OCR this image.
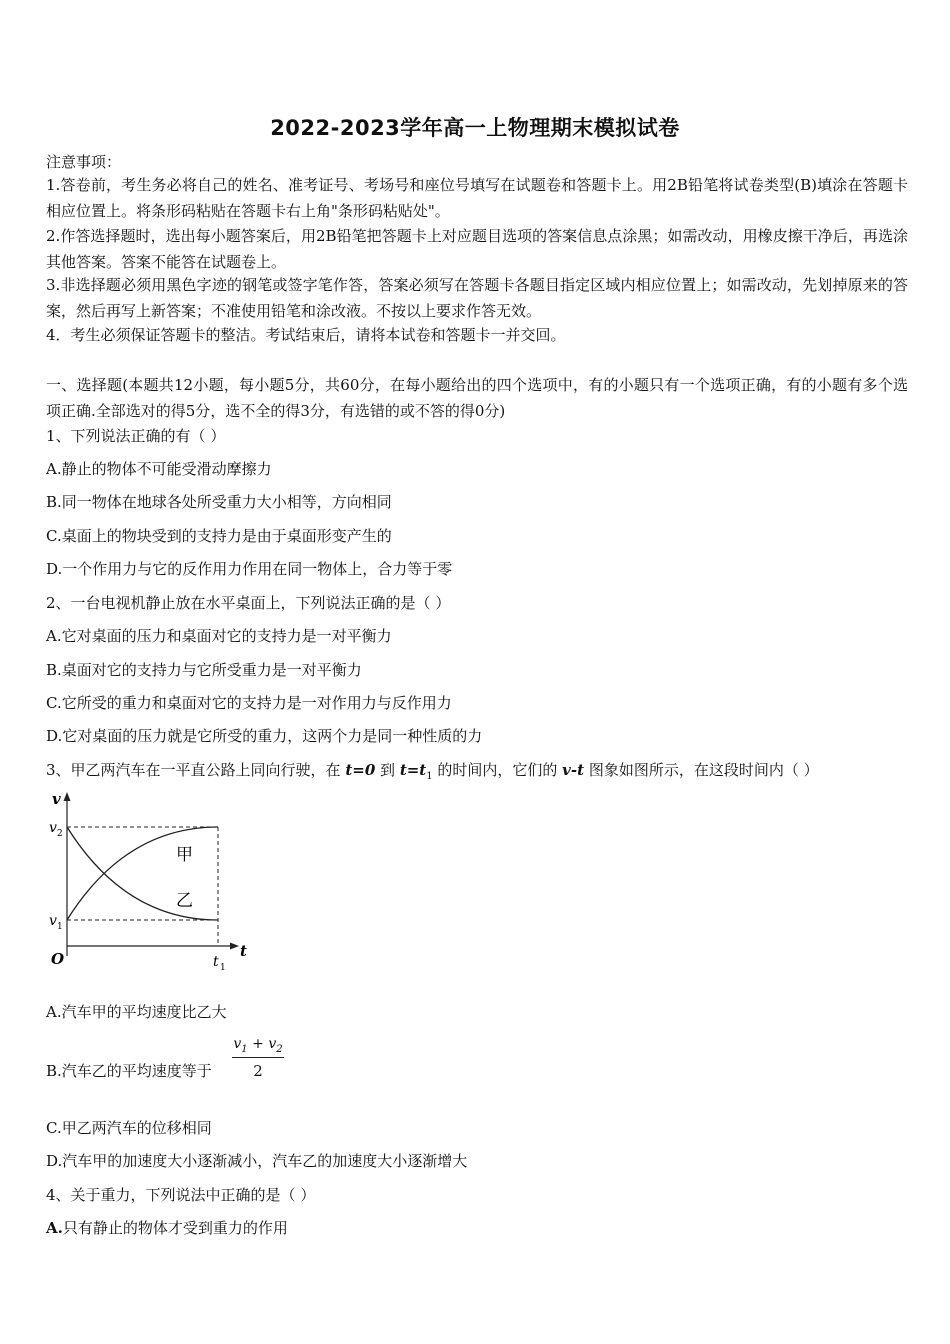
2022-2023学年高一上物理期末模拟试卷
注意事项：
1.答卷前，考生务必将自己的姓名、准考证号、考场号和座位号填写在试题卷和答题卡上。用2B铅笔将试卷类型(B)填涂在答题卡相应位置上。将条形码粘贴在答题卡右上角"条形码粘贴处"。
2.作答选择题时，选出每小题答案后，用2B铅笔把答题卡上对应题目选项的答案信息点涂黑；如需改动，用橡皮擦干净后，再选涂其他答案。答案不能答在试题卷上。
3.非选择题必须用黑色字迹的钢笔或签字笔作答，答案必须写在答题卡各题目指定区域内相应位置上；如需改动，先划掉原来的答案，然后再写上新答案；不准使用铅笔和涂改液。不按以上要求作答无效。
4．考生必须保证答题卡的整洁。考试结束后，请将本试卷和答题卡一并交回。
一、选择题(本题共12小题，每小题5分，共60分，在每小题给出的四个选项中，有的小题只有一个选项正确，有的小题有多个选项正确.全部选对的得5分，选不全的得3分，有选错的或不答的得0分)
1、下列说法正确的有（ ）
A.静止的物体不可能受滑动摩擦力
B.同一物体在地球各处所受重力大小相等，方向相同
C.桌面上的物块受到的支持力是由于桌面形变产生的
D.一个作用力与它的反作用力作用在同一物体上，合力等于零
2、一台电视机静止放在水平桌面上，下列说法正确的是（ ）
A.它对桌面的压力和桌面对它的支持力是一对平衡力
B.桌面对它的支持力与它所受重力是一对平衡力
C.它所受的重力和桌面对它的支持力是一对作用力与反作用力
D.它对桌面的压力就是它所受的重力，这两个力是同一种性质的力
3、甲乙两汽车在一平直公路上同向行驶，在 t=0 到 $t=t_1$ 的时间内，它们的 v-t 图象如图所示，在这段时间内（ ）
v
v 2
v 1
O	t 1
t
甲
乙
A.汽车甲的平均速度比乙大
B.汽车乙的平均速度等于 $\frac{v_1 + v_2}{2}$
C.甲乙两汽车的位移相同
D.汽车甲的加速度大小逐渐减小，汽车乙的加速度大小逐渐增大
4、关于重力，下列说法中正确的是（ ）
A.只有静止的物体才受到重力的作用
